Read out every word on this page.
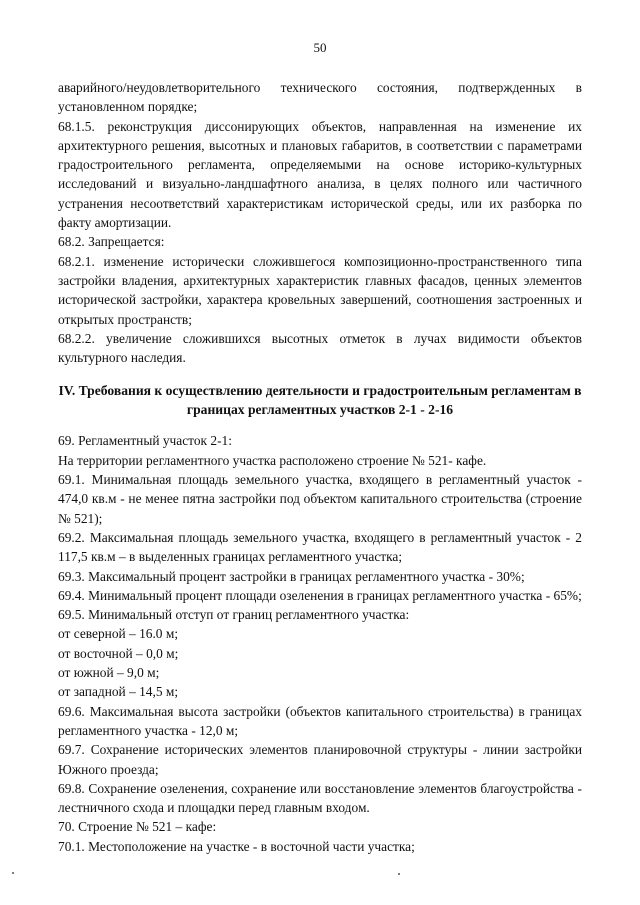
50

аварийного/неудовлетворительного технического состояния, подтвержденных в установленном порядке;

68.1.5. реконструкция диссонирующих объектов, направленная на изменение их архитектурного решения, высотных и плановых габаритов, в соответствии с параметрами градостроительного регламента, определяемыми на основе историко-культурных исследований и визуально-ландшафтного анализа, в целях полного или частичного устранения несоответствий характеристикам исторической среды, или их разборка по факту амортизации.

68.2. Запрещается:

68.2.1. изменение исторически сложившегося композиционно-пространственного типа застройки владения, архитектурных характеристик главных фасадов, ценных элементов исторической застройки, характера кровельных завершений, соотношения застроенных и открытых пространств;

68.2.2. увеличение сложившихся высотных отметок в лучах видимости объектов культурного наследия.

IV. Требования к осуществлению деятельности и градостроительным регламентам в границах регламентных участков 2-1 - 2-16

69. Регламентный участок 2-1:

На территории регламентного участка расположено строение № 521- кафе.

69.1. Минимальная площадь земельного участка, входящего в регламентный участок - 474,0 кв.м - не менее пятна застройки под объектом капитального строительства (строение № 521);

69.2. Максимальная площадь земельного участка, входящего в регламентный участок - 2 117,5 кв.м – в выделенных границах регламентного участка;

69.3. Максимальный процент застройки в границах регламентного участка - 30%;

69.4. Минимальный процент площади озеленения в границах регламентного участка - 65%;

69.5. Минимальный отступ от границ регламентного участка:

от северной – 16.0 м;

от восточной – 0,0 м;

от южной – 9,0 м;

от западной – 14,5 м;

69.6. Максимальная высота застройки (объектов капитального строительства) в границах регламентного участка - 12,0 м;

69.7. Сохранение исторических элементов планировочной структуры - линии застройки Южного проезда;

69.8. Сохранение озеленения, сохранение или восстановление элементов благоустройства - лестничного схода и площадки перед главным входом.

70. Строение № 521 – кафе:

70.1. Местоположение на участке - в восточной части участка;
